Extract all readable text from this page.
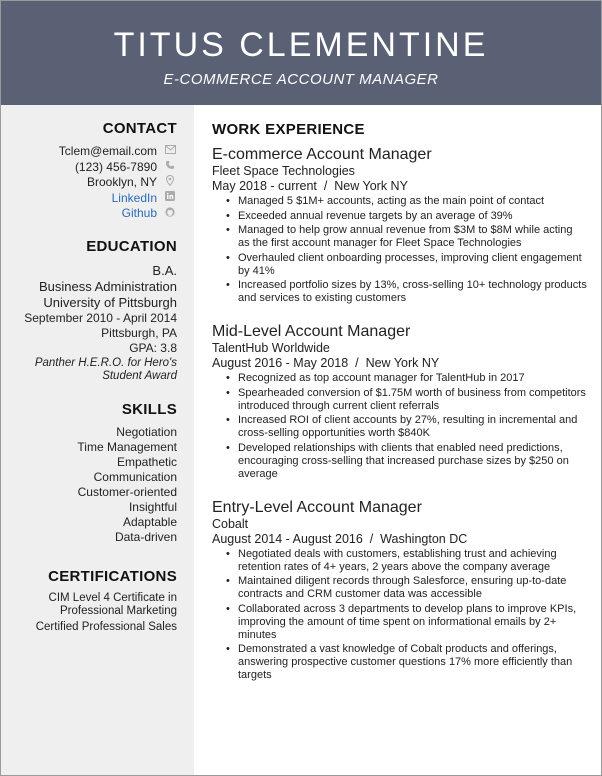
TITUS CLEMENTINE
E-COMMERCE ACCOUNT MANAGER
CONTACT
Tclem@email.com
(123) 456-7890
Brooklyn, NY
LinkedIn
Github
EDUCATION
B.A.
Business Administration
University of Pittsburgh
September 2010 - April 2014
Pittsburgh, PA
GPA: 3.8
Panther H.E.R.O. for Hero's Student Award
SKILLS
Negotiation
Time Management
Empathetic
Communication
Customer-oriented
Insightful
Adaptable
Data-driven
CERTIFICATIONS
CIM Level 4 Certificate in Professional Marketing
Certified Professional Sales
WORK EXPERIENCE
E-commerce Account Manager
Fleet Space Technologies
May 2018 - current  /  New York NY
• Managed 5 $1M+ accounts, acting as the main point of contact
• Exceeded annual revenue targets by an average of 39%
• Managed to help grow annual revenue from $3M to $8M while acting as the first account manager for Fleet Space Technologies
• Overhauled client onboarding processes, improving client engagement by 41%
• Increased portfolio sizes by 13%, cross-selling 10+ technology products and services to existing customers
Mid-Level Account Manager
TalentHub Worldwide
August 2016 - May 2018  /  New York NY
• Recognized as top account manager for TalentHub in 2017
• Spearheaded conversion of $1.75M worth of business from competitors introduced through current client referrals
• Increased ROI of client accounts by 27%, resulting in incremental and cross-selling opportunities worth $840K
• Developed relationships with clients that enabled need predictions, encouraging cross-selling that increased purchase sizes by $250 on average
Entry-Level Account Manager
Cobalt
August 2014 - August 2016  /  Washington DC
• Negotiated deals with customers, establishing trust and achieving retention rates of 4+ years, 2 years above the company average
• Maintained diligent records through Salesforce, ensuring up-to-date contracts and CRM customer data was accessible
• Collaborated across 3 departments to develop plans to improve KPIs, improving the amount of time spent on informational emails by 2+ minutes
• Demonstrated a vast knowledge of Cobalt products and offerings, answering prospective customer questions 17% more efficiently than targets
